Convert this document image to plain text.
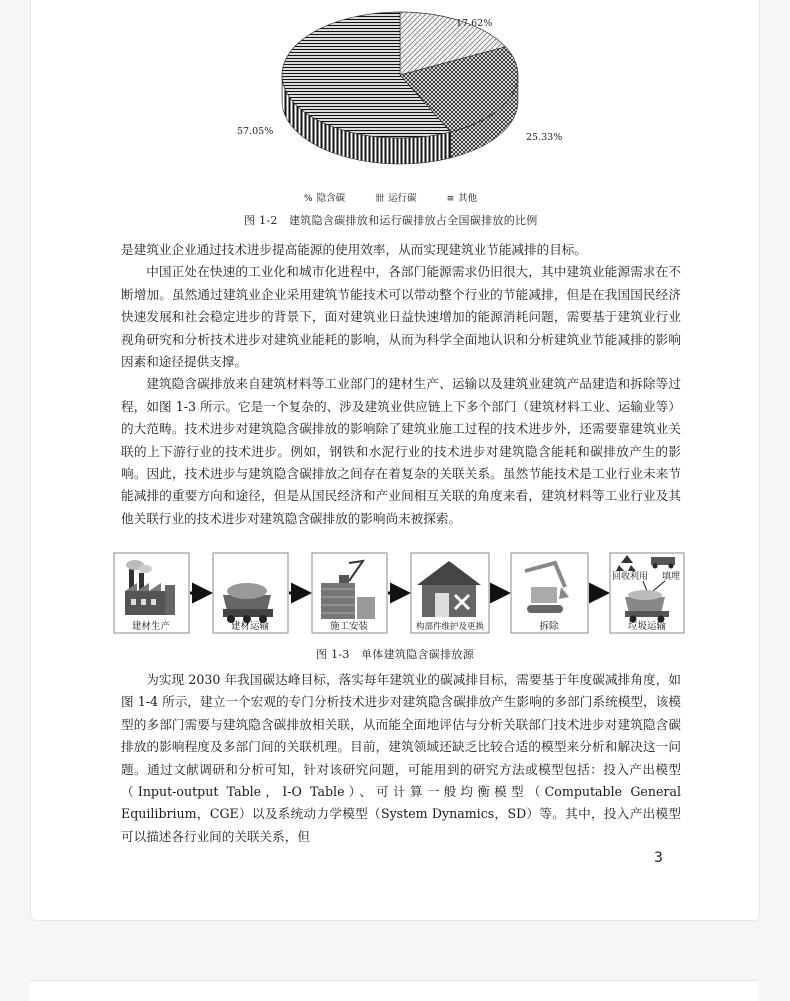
17.62%
25.33%
57.05%
% 隐含碳	卌 运行碳	≡ 其他
图 1-2　建筑隐含碳排放和运行碳排放占全国碳排放的比例

是建筑业企业通过技术进步提高能源的使用效率，从而实现建筑业节能减排的目标。

中国正处在快速的工业化和城市化进程中，各部门能源需求仍旧很大，其中建筑业能源需求在不断增加。虽然通过建筑业企业采用建筑节能技术可以带动整个行业的节能减排，但是在我国国民经济快速发展和社会稳定进步的背景下，面对建筑业日益快速增加的能源消耗问题，需要基于建筑业行业视角研究和分析技术进步对建筑业能耗的影响，从而为科学全面地认识和分析建筑业节能减排的影响因素和途径提供支撑。

建筑隐含碳排放来自建筑材料等工业部门的建材生产、运输以及建筑业建筑产品建造和拆除等过程，如图 1-3 所示。它是一个复杂的、涉及建筑业供应链上下多个部门（建筑材料工业、运输业等）的大范畴。技术进步对建筑隐含碳排放的影响除了建筑业施工过程的技术进步外，还需要靠建筑业关联的上下游行业的技术进步。例如，钢铁和水泥行业的技术进步对建筑隐含能耗和碳排放产生的影响。因此，技术进步与建筑隐含碳排放之间存在着复杂的关联关系。虽然节能技术是工业行业未来节能减排的重要方向和途径，但是从国民经济和产业间相互关联的角度来看，建筑材料等工业行业及其他关联行业的技术进步对建筑隐含碳排放的影响尚未被探索。

建材生产	建材运输	施工安装	构部件维护及更换	拆除
回收利用 填埋
垃圾运输
图 1-3　单体建筑隐含碳排放源

为实现 2030 年我国碳达峰目标，落实每年建筑业的碳减排目标，需要基于年度碳减排角度，如图 1-4 所示，建立一个宏观的专门分析技术进步对建筑隐含碳排放产生影响的多部门系统模型，该模型的多部门需要与建筑隐含碳排放相关联，从而能全面地评估与分析关联部门技术进步对建筑隐含碳排放的影响程度及多部门间的关联机理。目前，建筑领域还缺乏比较合适的模型来分析和解决这一问题。通过文献调研和分析可知，针对该研究问题，可能用到的研究方法或模型包括：投入产出模型（Input-output Table，I-O Table）、可计算一般均衡模型（Computable General Equilibrium，CGE）以及系统动力学模型（System Dynamics，SD）等。其中，投入产出模型可以描述各行业间的关联关系，但

3
